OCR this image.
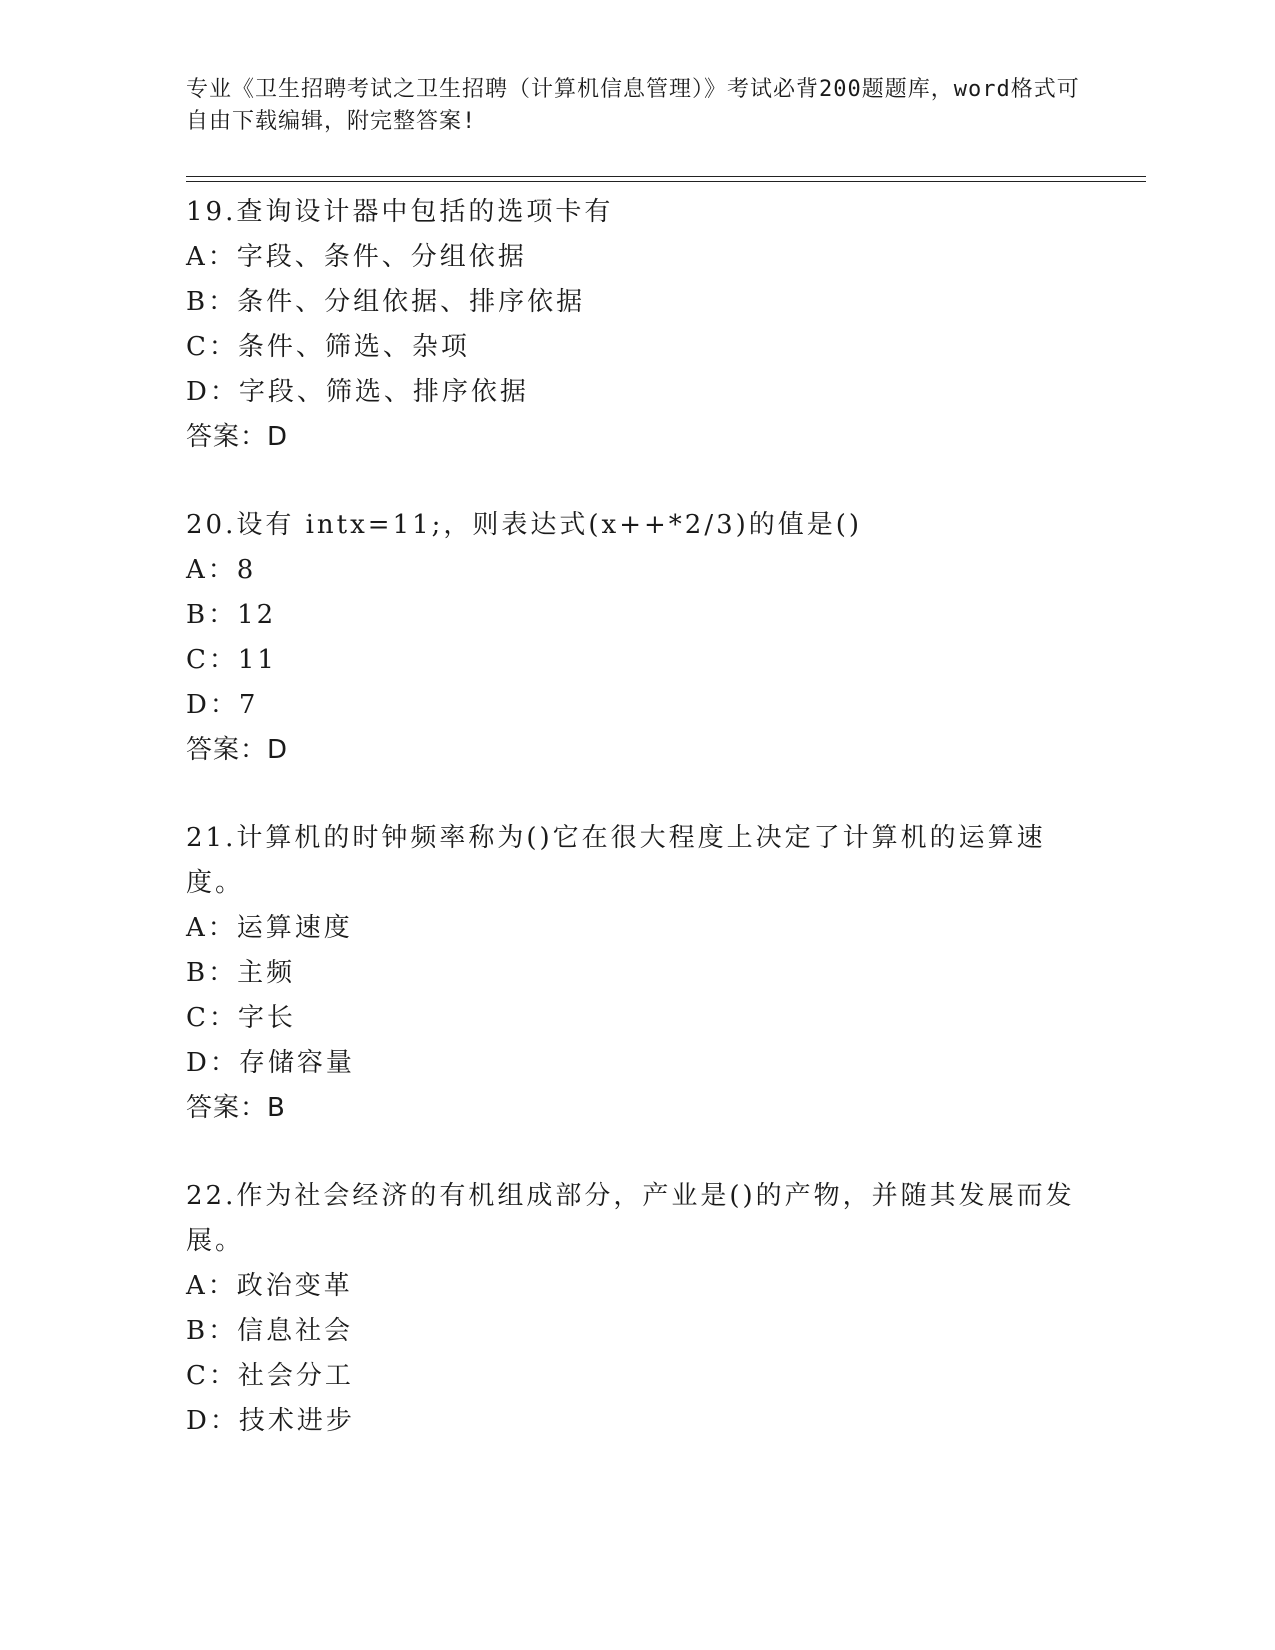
专业《卫生招聘考试之卫生招聘（计算机信息管理）》考试必背200题题库，word格式可自由下载编辑，附完整答案!

19.查询设计器中包括的选项卡有

A：字段、条件、分组依据

B：条件、分组依据、排序依据

C：条件、筛选、杂项

D：字段、筛选、排序依据

答案：D

20.设有 intx=11;，则表达式(x++*2/3)的值是()

A：8

B：12

C：11

D：7

答案：D

21.计算机的时钟频率称为()它在很大程度上决定了计算机的运算速度。

A：运算速度

B：主频

C：字长

D：存储容量

答案：B

22.作为社会经济的有机组成部分，产业是()的产物，并随其发展而发展。

A：政治变革

B：信息社会

C：社会分工

D：技术进步
